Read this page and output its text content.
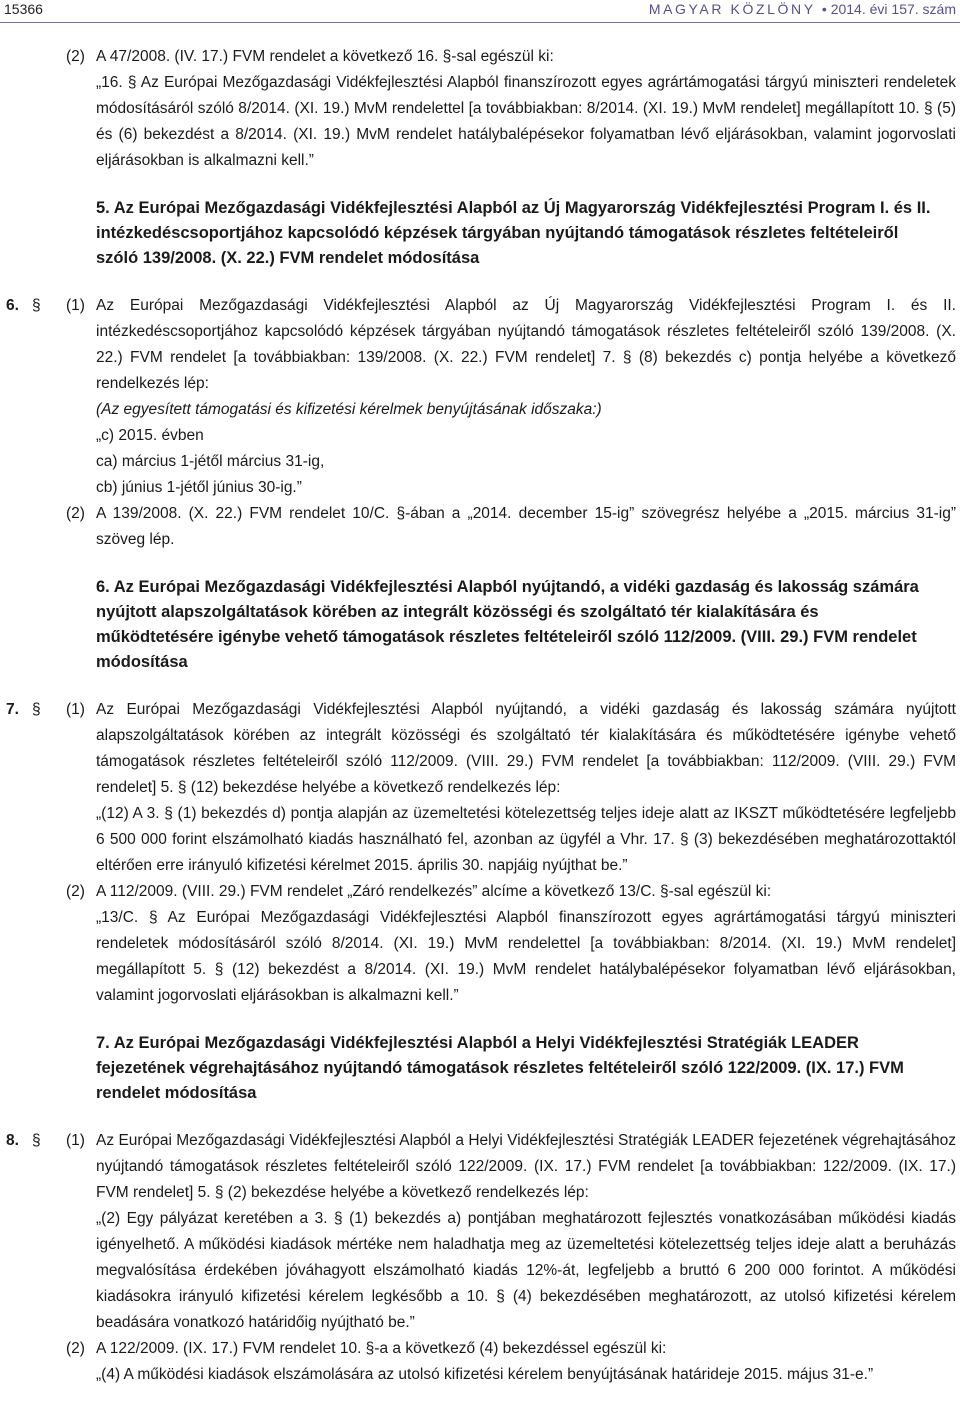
15366	MAGYAR KÖZLÖNY • 2014. évi 157. szám
(2) A 47/2008. (IV. 17.) FVM rendelet a következő 16. §-sal egészül ki:

„16. § Az Európai Mezőgazdasági Vidékfejlesztési Alapból finanszírozott egyes agrártámogatási tárgyú miniszteri rendeletek módosításáról szóló 8/2014. (XI. 19.) MvM rendelettel [a továbbiakban: 8/2014. (XI. 19.) MvM rendelet] megállapított 10. § (5) és (6) bekezdést a 8/2014. (XI. 19.) MvM rendelet hatálybalépésekor folyamatban lévő eljárásokban, valamint jogorvoslati eljárásokban is alkalmazni kell.”

5. Az Európai Mezőgazdasági Vidékfejlesztési Alapból az Új Magyarország Vidékfejlesztési Program I. és II. intézkedéscsoportjához kapcsolódó képzések tárgyában nyújtandó támogatások részletes feltételeiről szóló 139/2008. (X. 22.) FVM rendelet módosítása
6. §	(1) Az Európai Mezőgazdasági Vidékfejlesztési Alapból az Új Magyarország Vidékfejlesztési Program I. és II. intézkedéscsoportjához kapcsolódó képzések tárgyában nyújtandó támogatások részletes feltételeiről szóló 139/2008. (X. 22.) FVM rendelet [a továbbiakban: 139/2008. (X. 22.) FVM rendelet] 7. § (8) bekezdés c) pontja helyébe a következő rendelkezés lép:

(Az egyesített támogatási és kifizetési kérelmek benyújtásának időszaka:)

„c) 2015. évben

ca) március 1-jétől március 31-ig,

cb) június 1-jétől június 30-ig.”

(2) A 139/2008. (X. 22.) FVM rendelet 10/C. §-ában a „2014. december 15-ig” szövegrész helyébe a „2015. március 31-ig” szöveg lép.

6. Az Európai Mezőgazdasági Vidékfejlesztési Alapból nyújtandó, a vidéki gazdaság és lakosság számára nyújtott alapszolgáltatások körében az integrált közösségi és szolgáltató tér kialakítására és működtetésére igénybe vehető támogatások részletes feltételeiről szóló 112/2009. (VIII. 29.) FVM rendelet módosítása
7. §	(1) Az Európai Mezőgazdasági Vidékfejlesztési Alapból nyújtandó, a vidéki gazdaság és lakosság számára nyújtott alapszolgáltatások körében az integrált közösségi és szolgáltató tér kialakítására és működtetésére igénybe vehető támogatások részletes feltételeiről szóló 112/2009. (VIII. 29.) FVM rendelet [a továbbiakban: 112/2009. (VIII. 29.) FVM rendelet] 5. § (12) bekezdése helyébe a következő rendelkezés lép:

„(12) A 3. § (1) bekezdés d) pontja alapján az üzemeltetési kötelezettség teljes ideje alatt az IKSZT működtetésére legfeljebb 6 500 000 forint elszámolható kiadás használható fel, azonban az ügyfél a Vhr. 17. § (3) bekezdésében meghatározottaktól eltérően erre irányuló kifizetési kérelmet 2015. április 30. napjáig nyújthat be.”

(2) A 112/2009. (VIII. 29.) FVM rendelet „Záró rendelkezés” alcíme a következő 13/C. §-sal egészül ki:

„13/C. § Az Európai Mezőgazdasági Vidékfejlesztési Alapból finanszírozott egyes agrártámogatási tárgyú miniszteri rendeletek módosításáról szóló 8/2014. (XI. 19.) MvM rendelettel [a továbbiakban: 8/2014. (XI. 19.) MvM rendelet] megállapított 5. § (12) bekezdést a 8/2014. (XI. 19.) MvM rendelet hatálybalépésekor folyamatban lévő eljárásokban, valamint jogorvoslati eljárásokban is alkalmazni kell.”

7. Az Európai Mezőgazdasági Vidékfejlesztési Alapból a Helyi Vidékfejlesztési Stratégiák LEADER fejezetének végrehajtásához nyújtandó támogatások részletes feltételeiről szóló 122/2009. (IX. 17.) FVM rendelet módosítása
8. §	(1) Az Európai Mezőgazdasági Vidékfejlesztési Alapból a Helyi Vidékfejlesztési Stratégiák LEADER fejezetének végrehajtásához nyújtandó támogatások részletes feltételeiről szóló 122/2009. (IX. 17.) FVM rendelet [a továbbiakban: 122/2009. (IX. 17.) FVM rendelet] 5. § (2) bekezdése helyébe a következő rendelkezés lép:

„(2) Egy pályázat keretében a 3. § (1) bekezdés a) pontjában meghatározott fejlesztés vonatkozásában működési kiadás igényelhető. A működési kiadások mértéke nem haladhatja meg az üzemeltetési kötelezettség teljes ideje alatt a beruházás megvalósítása érdekében jóváhagyott elszámolható kiadás 12%-át, legfeljebb a bruttó 6 200 000 forintot. A működési kiadásokra irányuló kifizetési kérelem legkésőbb a 10. § (4) bekezdésében meghatározott, az utolsó kifizetési kérelem beadására vonatkozó határidőig nyújtható be.”

(2) A 122/2009. (IX. 17.) FVM rendelet 10. §-a a következő (4) bekezdéssel egészül ki:

„(4) A működési kiadások elszámolására az utolsó kifizetési kérelem benyújtásának határideje 2015. május 31-e.”
